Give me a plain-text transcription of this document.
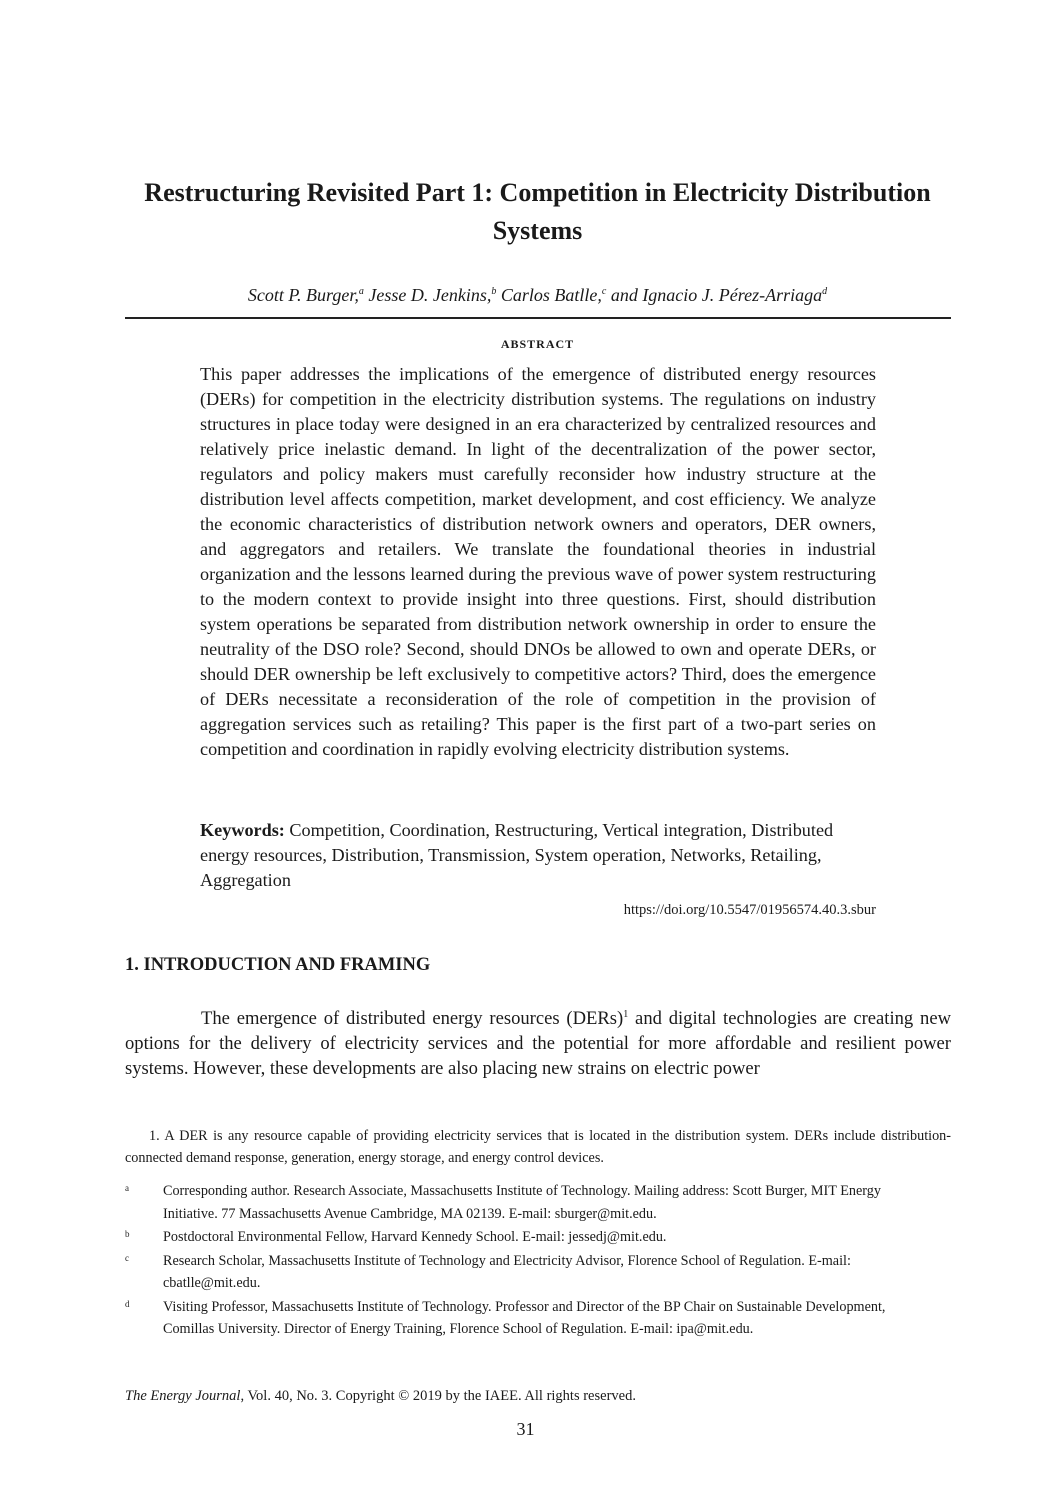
Restructuring Revisited Part 1: Competition in Electricity Distribution Systems
Scott P. Burger,$^a$ Jesse D. Jenkins,$^b$ Carlos Batlle,$^c$ and Ignacio J. Pérez-Arriaga$^d$
ABSTRACT

This paper addresses the implications of the emergence of distributed energy resources (DERs) for competition in the electricity distribution systems. The regulations on industry structures in place today were designed in an era characterized by centralized resources and relatively price inelastic demand. In light of the decentralization of the power sector, regulators and policy makers must carefully reconsider how industry structure at the distribution level affects competition, market development, and cost efficiency. We analyze the economic characteristics of distribution network owners and operators, DER owners, and aggregators and retailers. We translate the foundational theories in industrial organization and the lessons learned during the previous wave of power system restructuring to the modern context to provide insight into three questions. First, should distribution system operations be separated from distribution network ownership in order to ensure the neutrality of the DSO role? Second, should DNOs be allowed to own and operate DERs, or should DER ownership be left exclusively to competitive actors? Third, does the emergence of DERs necessitate a reconsideration of the role of competition in the provision of aggregation services such as retailing? This paper is the first part of a two-part series on competition and coordination in rapidly evolving electricity distribution systems.

Keywords: Competition, Coordination, Restructuring, Vertical integration, Distributed energy resources, Distribution, Transmission, System operation, Networks, Retailing, Aggregation
https://doi.org/10.5547/01956574.40.3.sbur
1. INTRODUCTION AND FRAMING

The emergence of distributed energy resources (DERs)$^1$ and digital technologies are creating new options for the delivery of electricity services and the potential for more affordable and resilient power systems. However, these developments are also placing new strains on electric power

1. A DER is any resource capable of providing electricity services that is located in the distribution system. DERs include distribution-connected demand response, generation, energy storage, and energy control devices.

a Corresponding author. Research Associate, Massachusetts Institute of Technology. Mailing address: Scott Burger, MIT Energy Initiative. 77 Massachusetts Avenue Cambridge, MA 02139. E-mail: sburger@mit.edu.
b Postdoctoral Environmental Fellow, Harvard Kennedy School. E-mail: jessedj@mit.edu.
c Research Scholar, Massachusetts Institute of Technology and Electricity Advisor, Florence School of Regulation. E-mail: cbatlle@mit.edu.
d Visiting Professor, Massachusetts Institute of Technology. Professor and Director of the BP Chair on Sustainable Development, Comillas University. Director of Energy Training, Florence School of Regulation. E-mail: ipa@mit.edu.
The Energy Journal, Vol. 40, No. 3. Copyright © 2019 by the IAEE. All rights reserved.
31
